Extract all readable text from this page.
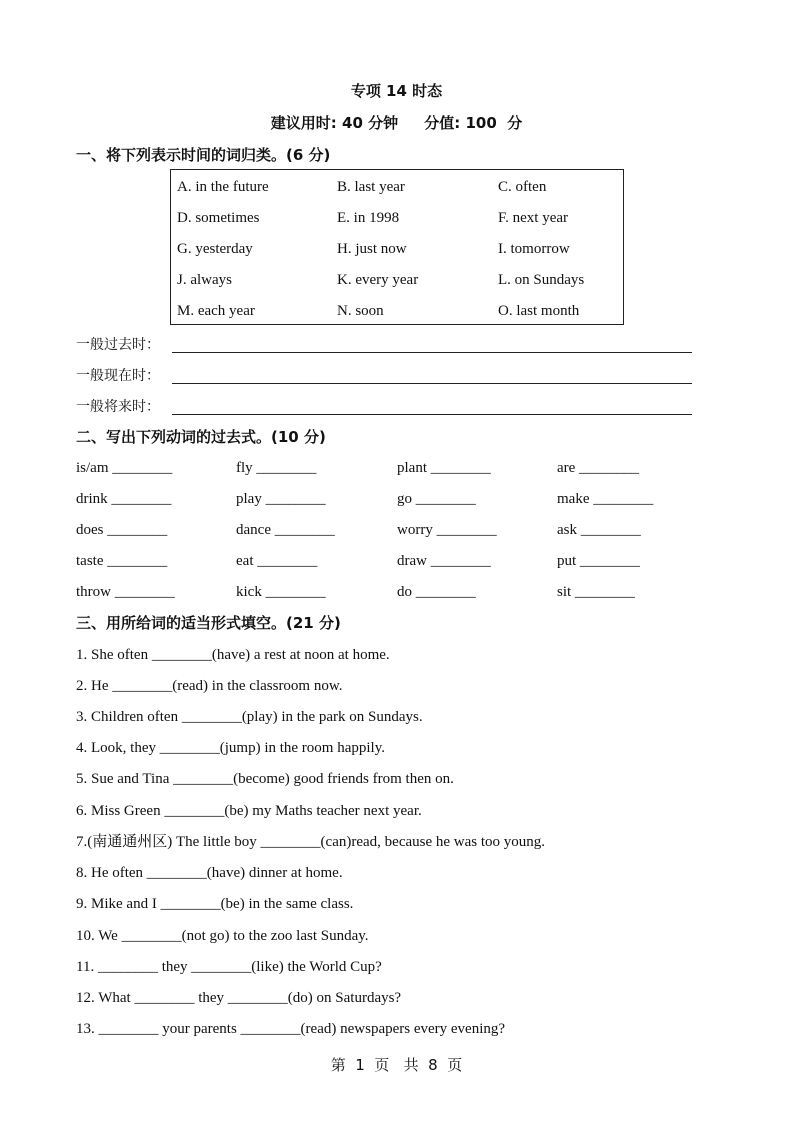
专项 14 时态
建议用时: 40 分钟     分值: 100  分
一、将下列表示时间的词归类。(6 分)
A. in the future	B. last year	C. often
D. sometimes	E. in 1998	F. next year
G. yesterday	H. just now	I. tomorrow
J. always	K. every year	L. on Sundays
M. each year	N. soon	O. last month
一般过去时：
一般现在时：
一般将来时：
二、写出下列动词的过去式。(10 分)
is/am ________	fly ________	plant ________	are ________
drink ________	play ________	go ________	make ________
does ________	dance ________	worry ________	ask ________
taste ________	eat ________	draw ________	put ________
throw ________	kick ________	do ________	sit ________
三、用所给词的适当形式填空。(21 分)
1. She often ________(have) a rest at noon at home.
2. He ________(read) in the classroom now.
3. Children often ________(play) in the park on Sundays.
4. Look, they ________(jump) in the room happily.
5. Sue and Tina ________(become) good friends from then on.
6. Miss Green ________(be) my Maths teacher next year.
7.(南通通州区) The little boy ________(can)read, because he was too young.
8. He often ________(have) dinner at home.
9. Mike and I ________(be) in the same class.
10. We ________(not go) to the zoo last Sunday.
11. ________ they ________(like) the World Cup?
12. What ________ they ________(do) on Saturdays?
13. ________ your parents ________(read) newspapers every evening?
第  1  页   共  8  页
